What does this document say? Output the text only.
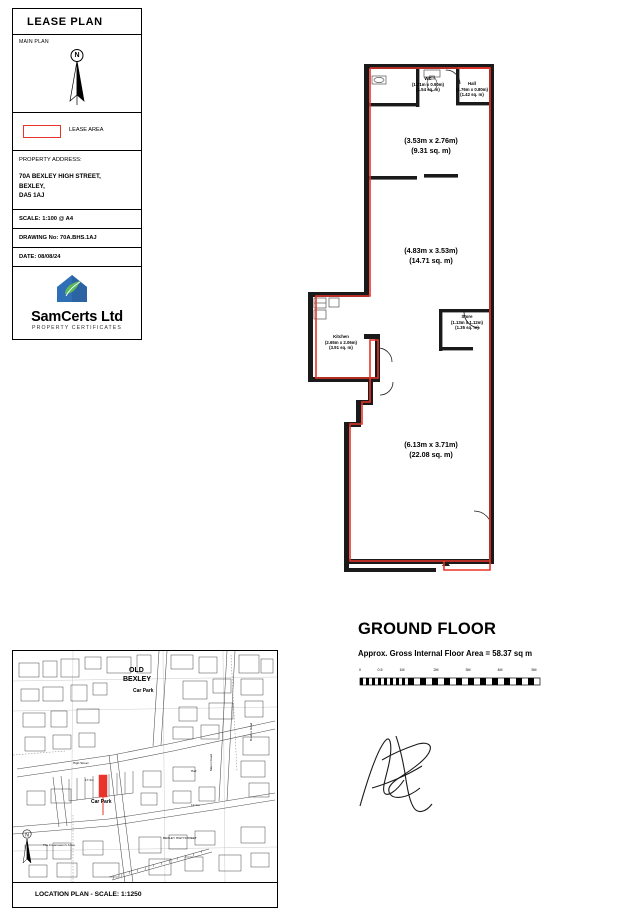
LEASE PLAN
MAIN PLAN
N
LEASE AREA
PROPERTY ADDRESS:
70A BEXLEY HIGH STREET,
BEXLEY,
DA5 1AJ
SCALE: 1:100 @ A4
DRAWING No: 70A.BHS.1AJ
DATE: 08/08/24
SamCerts Ltd
PROPERTY CERTIFICATES
WC
(1.71m x 0.90m)
(1.54 sq. m)
Hall
(1.76m x 0.80m)
(1.42 sq. m)
(3.53m x 2.76m)
(9.31 sq. m)
(4.83m x 3.53m)
(14.71 sq. m)
Store
(1.13m x 1.12m)
(1.35 sq. m)
Kitchen
(2.65m x 2.06m)
(3.91 sq. m)
(6.13m x 3.71m)
(22.08 sq. m)
GROUND FLOOR
Approx. Gross Internal Floor Area = 58.37 sq m
0	0.5	1M	2M	3M	4M	5M
OLD
BEXLEY
Car Park
Car Park
High Street
BEXLEY HIGH STREET
Manor Road
Hall
Bourne Road
The Freemason's Arms
17.3m
12.1m
N
LOCATION PLAN - SCALE: 1:1250
